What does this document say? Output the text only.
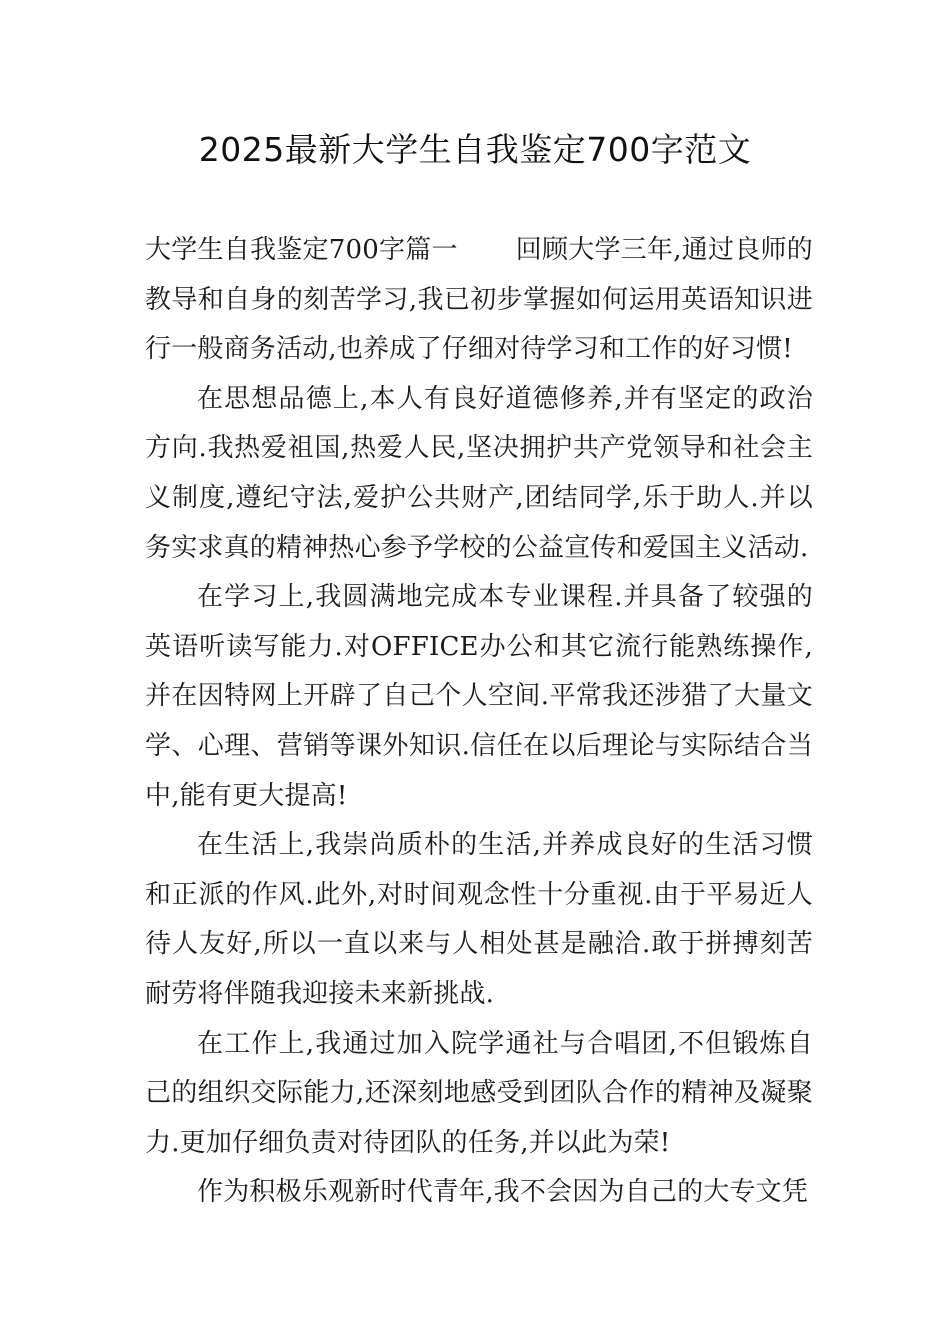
2025最新大学生自我鉴定700字范文

大学生自我鉴定700字篇一 回顾大学三年,通过良师的教导和自身的刻苦学习,我已初步掌握如何运用英语知识进行一般商务活动,也养成了仔细对待学习和工作的好习惯!

在思想品德上,本人有良好道德修养,并有坚定的政治方向.我热爱祖国,热爱人民,坚决拥护共产党领导和社会主义制度,遵纪守法,爱护公共财产,团结同学,乐于助人.并以务实求真的精神热心参予学校的公益宣传和爱国主义活动.

在学习上,我圆满地完成本专业课程.并具备了较强的英语听读写能力.对OFFICE办公和其它流行能熟练操作,并在因特网上开辟了自己个人空间.平常我还涉猎了大量文学、心理、营销等课外知识.信任在以后理论与实际结合当中,能有更大提高!

在生活上,我崇尚质朴的生活,并养成良好的生活习惯和正派的作风.此外,对时间观念性十分重视.由于平易近人待人友好,所以一直以来与人相处甚是融洽.敢于拼搏刻苦耐劳将伴随我迎接未来新挑战.

在工作上,我通过加入院学通社与合唱团,不但锻炼自己的组织交际能力,还深刻地感受到团队合作的精神及凝聚力.更加仔细负责对待团队的任务,并以此为荣!

作为积极乐观新时代青年,我不会因为自己的大专文凭
